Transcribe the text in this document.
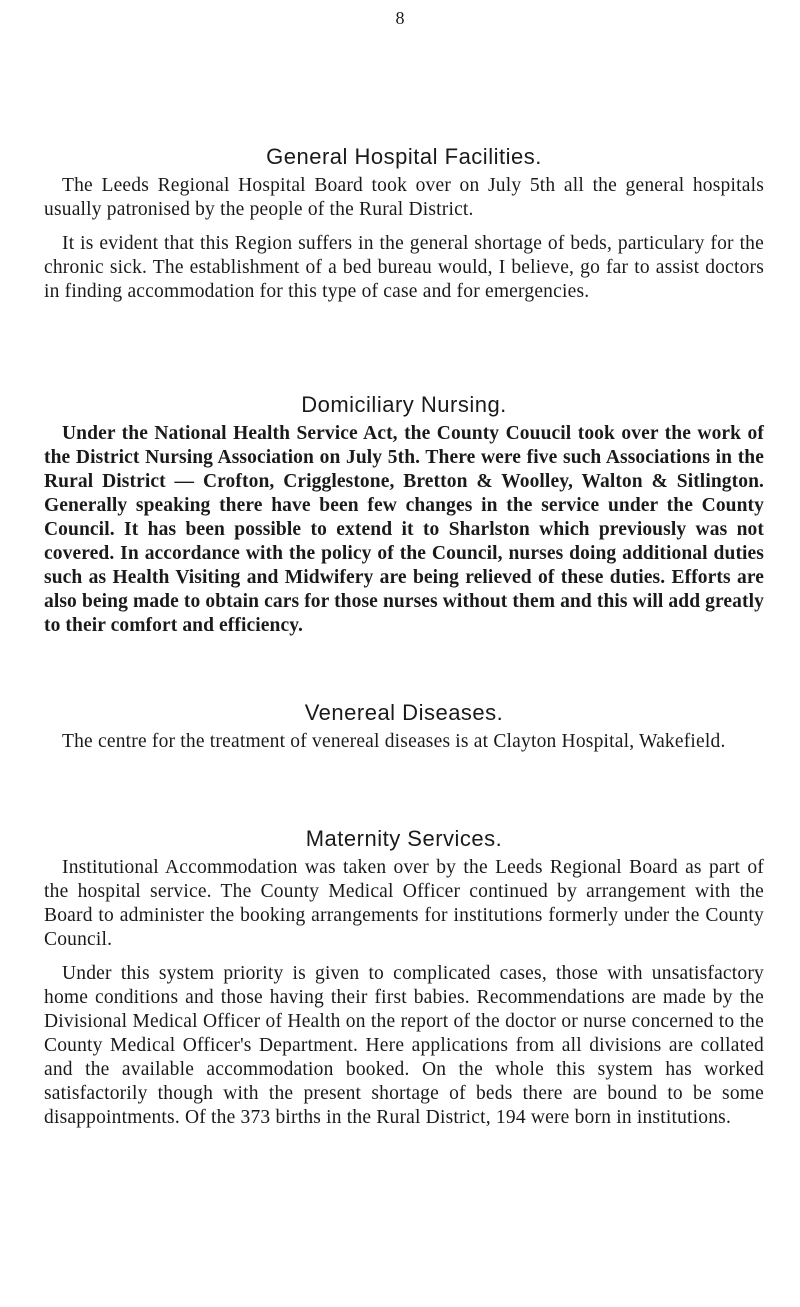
8
General Hospital Facilities.

The Leeds Regional Hospital Board took over on July 5th all the general hospitals usually patronised by the people of the Rural District.

It is evident that this Region suffers in the general shortage of beds, particulary for the chronic sick. The establishment of a bed bureau would, I believe, go far to assist doctors in finding accommodation for this type of case and for emergencies.

Domiciliary Nursing.

Under the National Health Service Act, the County Couucil took over the work of the District Nursing Association on July 5th. There were five such Associations in the Rural District — Crofton, Crigglestone, Bretton & Woolley, Walton & Sitlington. Generally speaking there have been few changes in the service under the County Council. It has been possible to extend it to Sharlston which previously was not covered. In accordance with the policy of the Council, nurses doing additional duties such as Health Visiting and Midwifery are being relieved of these duties. Efforts are also being made to obtain cars for those nurses without them and this will add greatly to their comfort and efficiency.

Venereal Diseases.

The centre for the treatment of venereal diseases is at Clayton Hospital, Wakefield.

Maternity Services.

Institutional Accommodation was taken over by the Leeds Regional Board as part of the hospital service. The County Medical Officer continued by arrangement with the Board to administer the booking arrangements for institutions formerly under the County Council.

Under this system priority is given to complicated cases, those with unsatisfactory home conditions and those having their first babies. Recommendations are made by the Divisional Medical Officer of Health on the report of the doctor or nurse concerned to the County Medical Officer's Department. Here applications from all divisions are collated and the available accommodation booked. On the whole this system has worked satisfactorily though with the present shortage of beds there are bound to be some disappointments. Of the 373 births in the Rural District, 194 were born in institutions.
